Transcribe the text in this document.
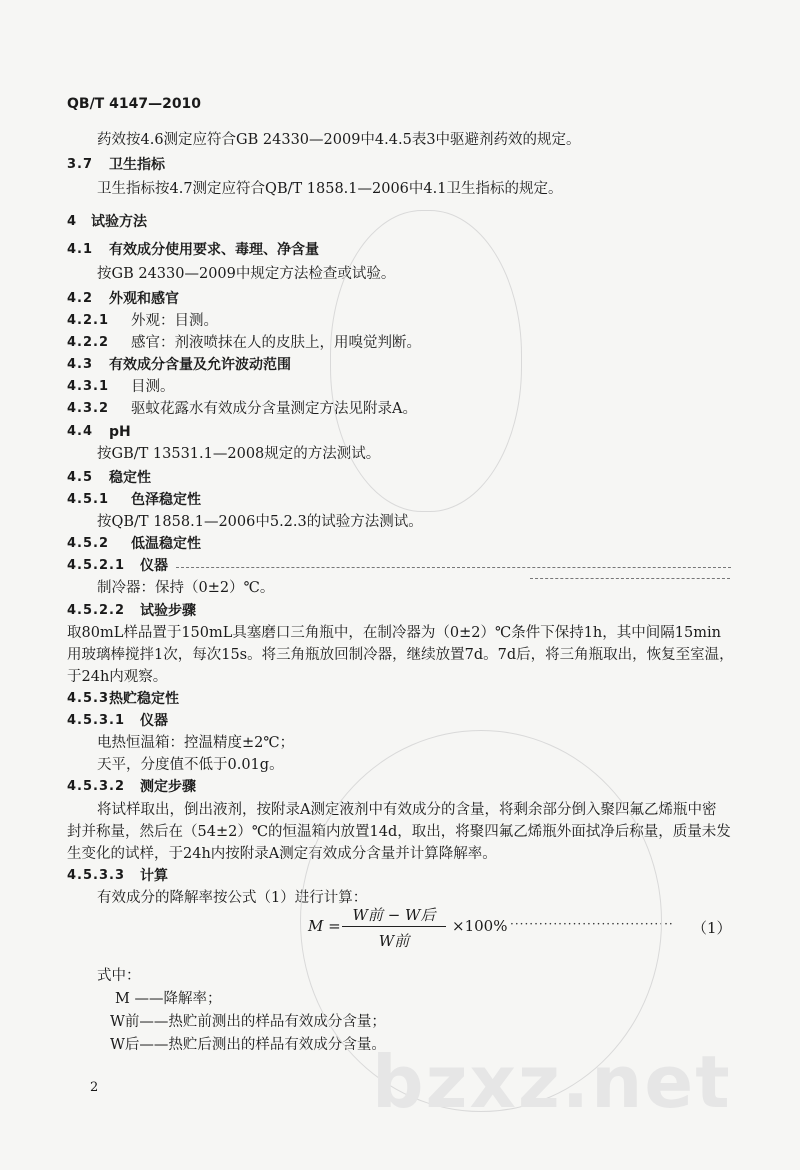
QB/T 4147—2010
药效按4.6测定应符合GB 24330—2009中4.4.5表3中驱避剂药效的规定。
3.7 卫生指标
卫生指标按4.7测定应符合QB/T 1858.1—2006中4.1卫生指标的规定。
4 试验方法
4.1 有效成分使用要求、毒理、净含量
按GB 24330—2009中规定方法检查或试验。
4.2 外观和感官
4.2.1 外观：目测。
4.2.2 感官：剂液喷抹在人的皮肤上，用嗅觉判断。
4.3 有效成分含量及允许波动范围
4.3.1 目测。
4.3.2 驱蚊花露水有效成分含量测定方法见附录A。
4.4 pH
按GB/T 13531.1—2008规定的方法测试。
4.5 稳定性
4.5.1 色泽稳定性
按QB/T 1858.1—2006中5.2.3的试验方法测试。
4.5.2 低温稳定性
4.5.2.1 仪器
制冷器：保持（0±2）℃。
4.5.2.2 试验步骤
取80mL样品置于150mL具塞磨口三角瓶中，在制冷器为（0±2）℃条件下保持1h，其中间隔15min
用玻璃棒搅拌1次，每次15s。将三角瓶放回制冷器，继续放置7d。7d后，将三角瓶取出，恢复至室温，
于24h内观察。
4.5.3 热贮稳定性
4.5.3.1 仪器
电热恒温箱：控温精度±2℃；
天平，分度值不低于0.01g。
4.5.3.2 测定步骤
将试样取出，倒出液剂，按附录A测定液剂中有效成分的含量，将剩余部分倒入聚四氟乙烯瓶中密
封并称量，然后在（54±2）℃的恒温箱内放置14d，取出，将聚四氟乙烯瓶外面拭净后称量，质量未发
生变化的试样，于24h内按附录A测定有效成分含量并计算降解率。
4.5.3.3 计算
有效成分的降解率按公式（1）进行计算：
M =
W前 − W后
W前
×100% ·································· （1）
式中：
M ——降解率；
W前——热贮前测出的样品有效成分含量；
W后——热贮后测出的样品有效成分含量。
2	bzxz.net
